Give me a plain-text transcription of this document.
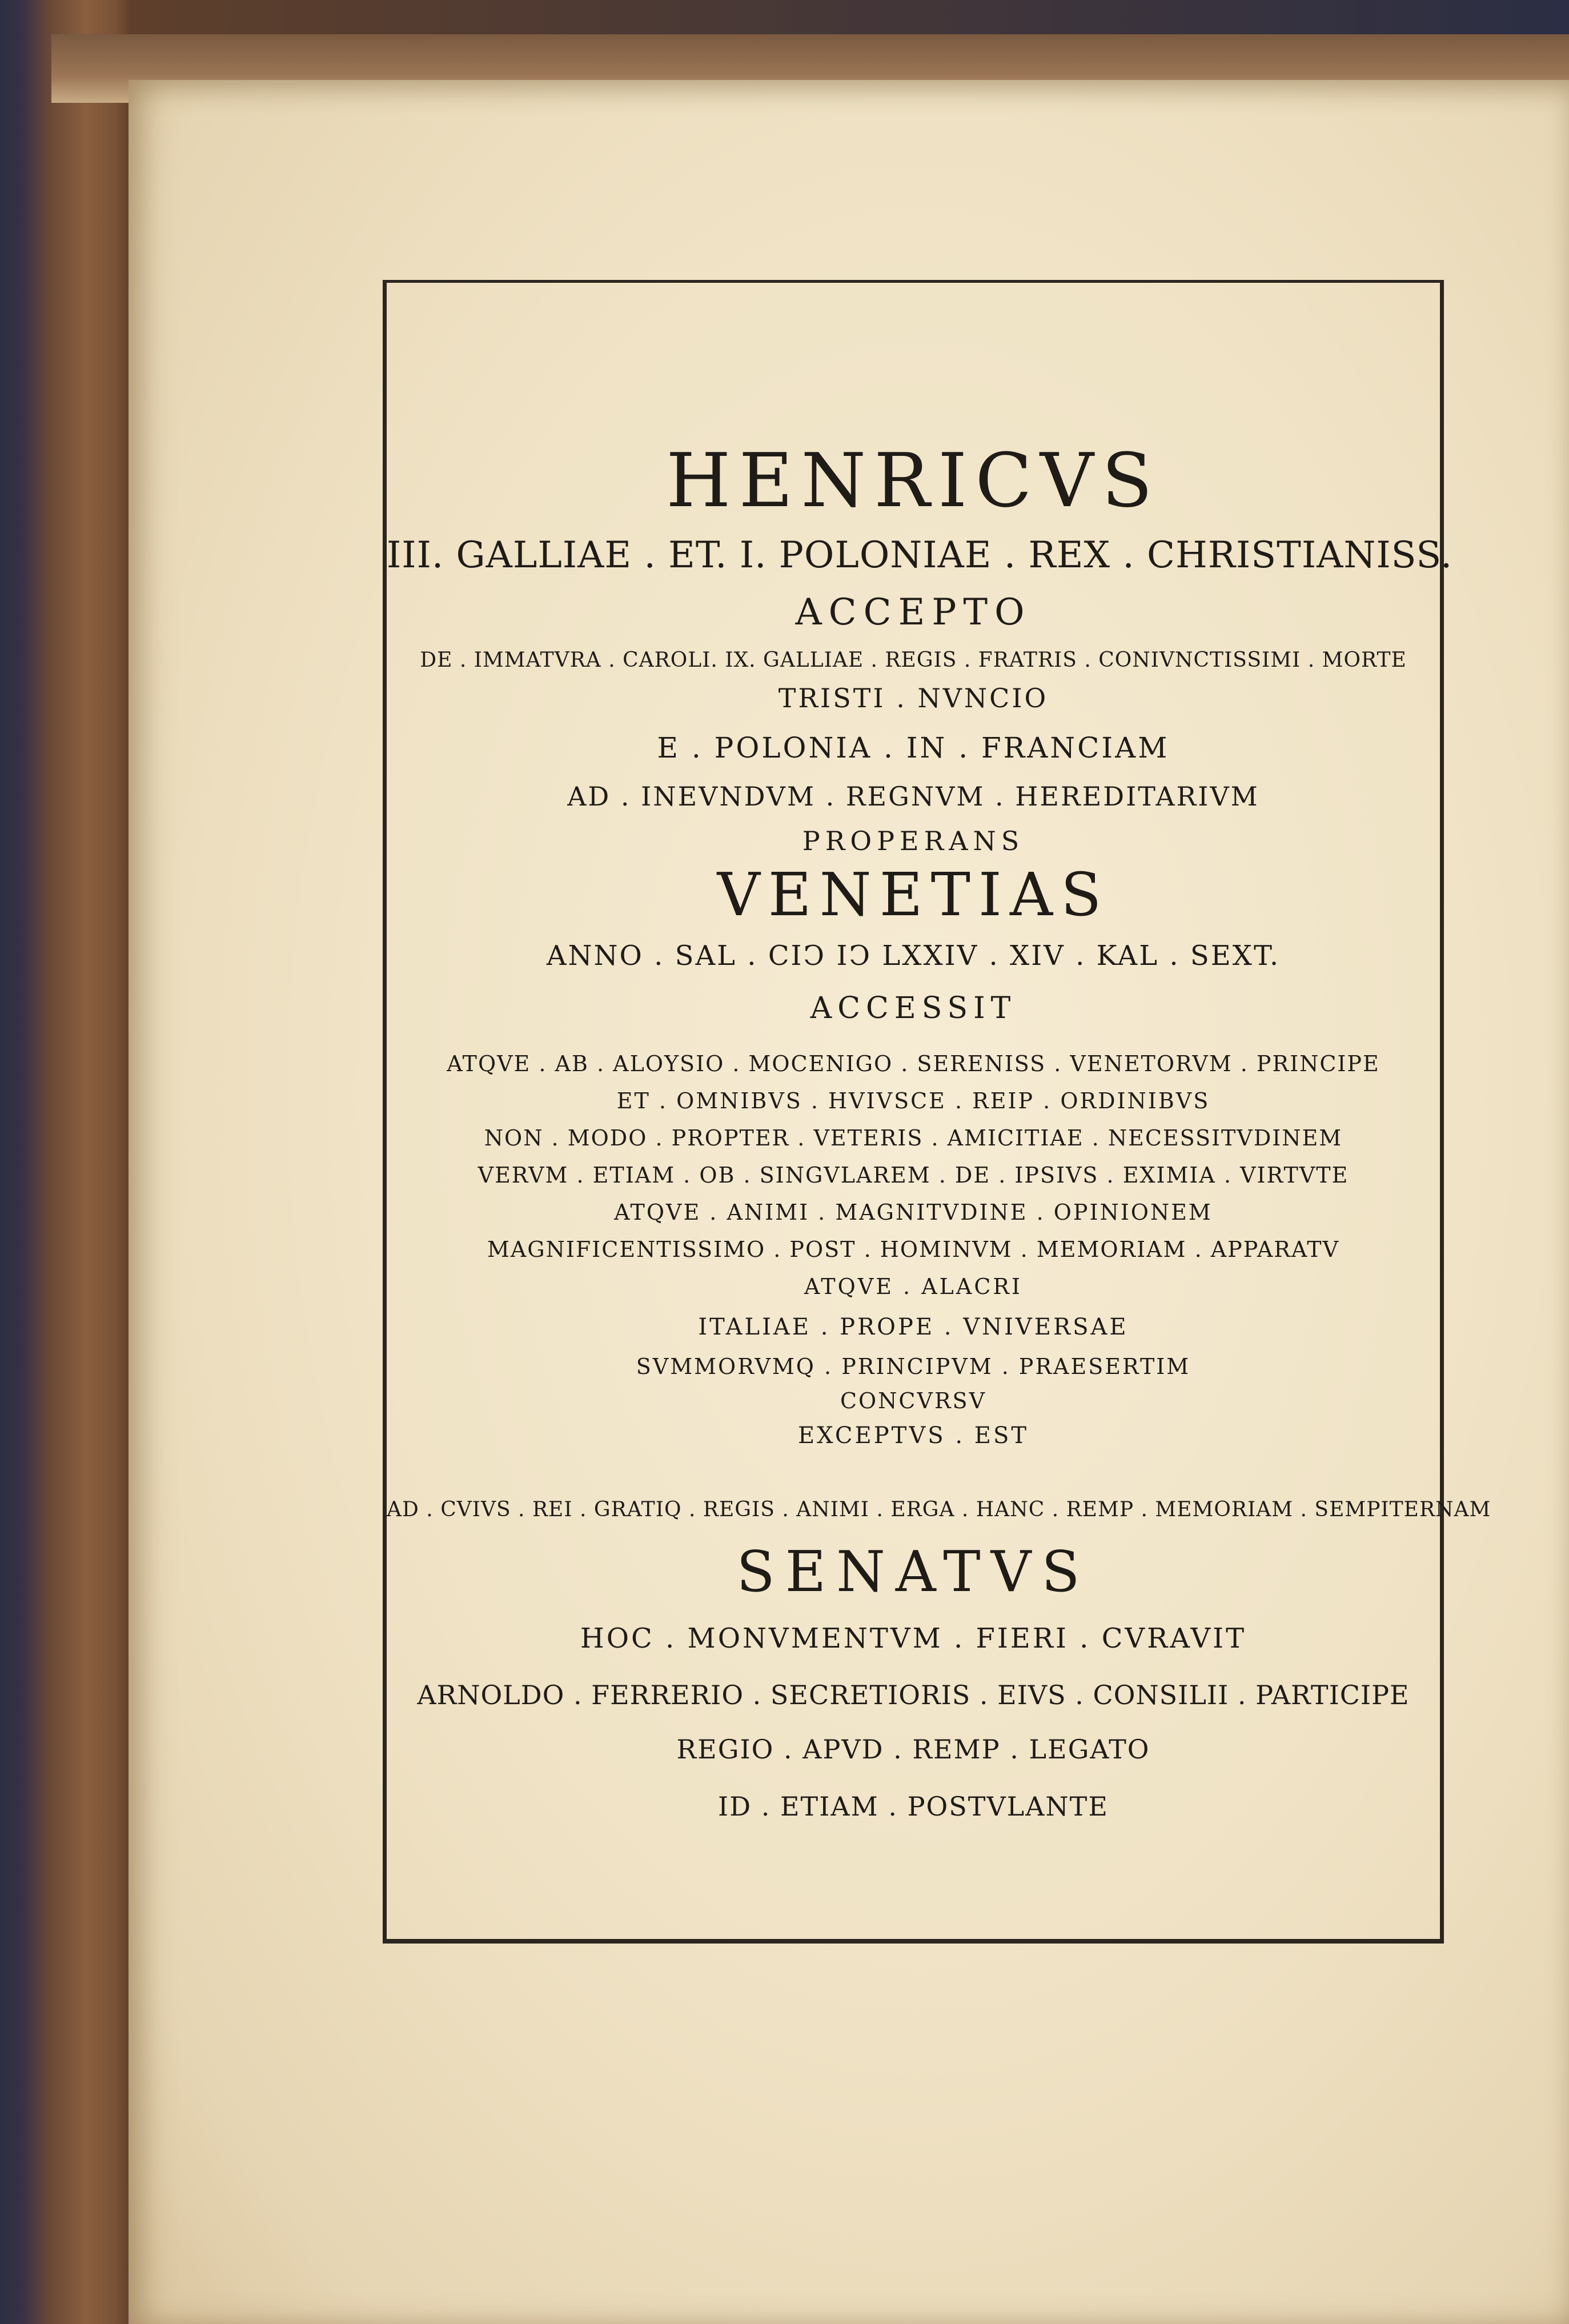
HENRICVS
III. GALLIAE . ET. I. POLONIAE . REX . CHRISTIANISS.
ACCEPTO
DE . IMMATVRA . CAROLI. IX. GALLIAE . REGIS . FRATRIS . CONIVNCTISSIMI . MORTE
TRISTI . NVNCIO
E . POLONIA . IN . FRANCIAM
AD . INEVNDVM . REGNVM . HEREDITARIVM
PROPERANS
VENETIAS
ANNO . SAL . CIↃ IↃ LXXIV . XIV . KAL . SEXT.
ACCESSIT
ATQVE . AB . ALOYSIO . MOCENIGO . SERENISS . VENETORVM . PRINCIPE
ET . OMNIBVS . HVIVSCE . REIP . ORDINIBVS
NON . MODO . PROPTER . VETERIS . AMICITIAE . NECESSITVDINEM
VERVM . ETIAM . OB . SINGVLAREM . DE . IPSIVS . EXIMIA . VIRTVTE
ATQVE . ANIMI . MAGNITVDINE . OPINIONEM
MAGNIFICENTISSIMO . POST . HOMINVM . MEMORIAM . APPARATV
ATQVE . ALACRI
ITALIAE . PROPE . VNIVERSAE
SVMMORVMQ . PRINCIPVM . PRAESERTIM
CONCVRSV
EXCEPTVS . EST
AD . CVIVS . REI . GRATIQ . REGIS . ANIMI . ERGA . HANC . REMP . MEMORIAM . SEMPITERNAM
SENATVS
HOC . MONVMENTVM . FIERI . CVRAVIT
ARNOLDO . FERRERIO . SECRETIORIS . EIVS . CONSILII . PARTICIPE
REGIO . APVD . REMP . LEGATO
ID . ETIAM . POSTVLANTE
